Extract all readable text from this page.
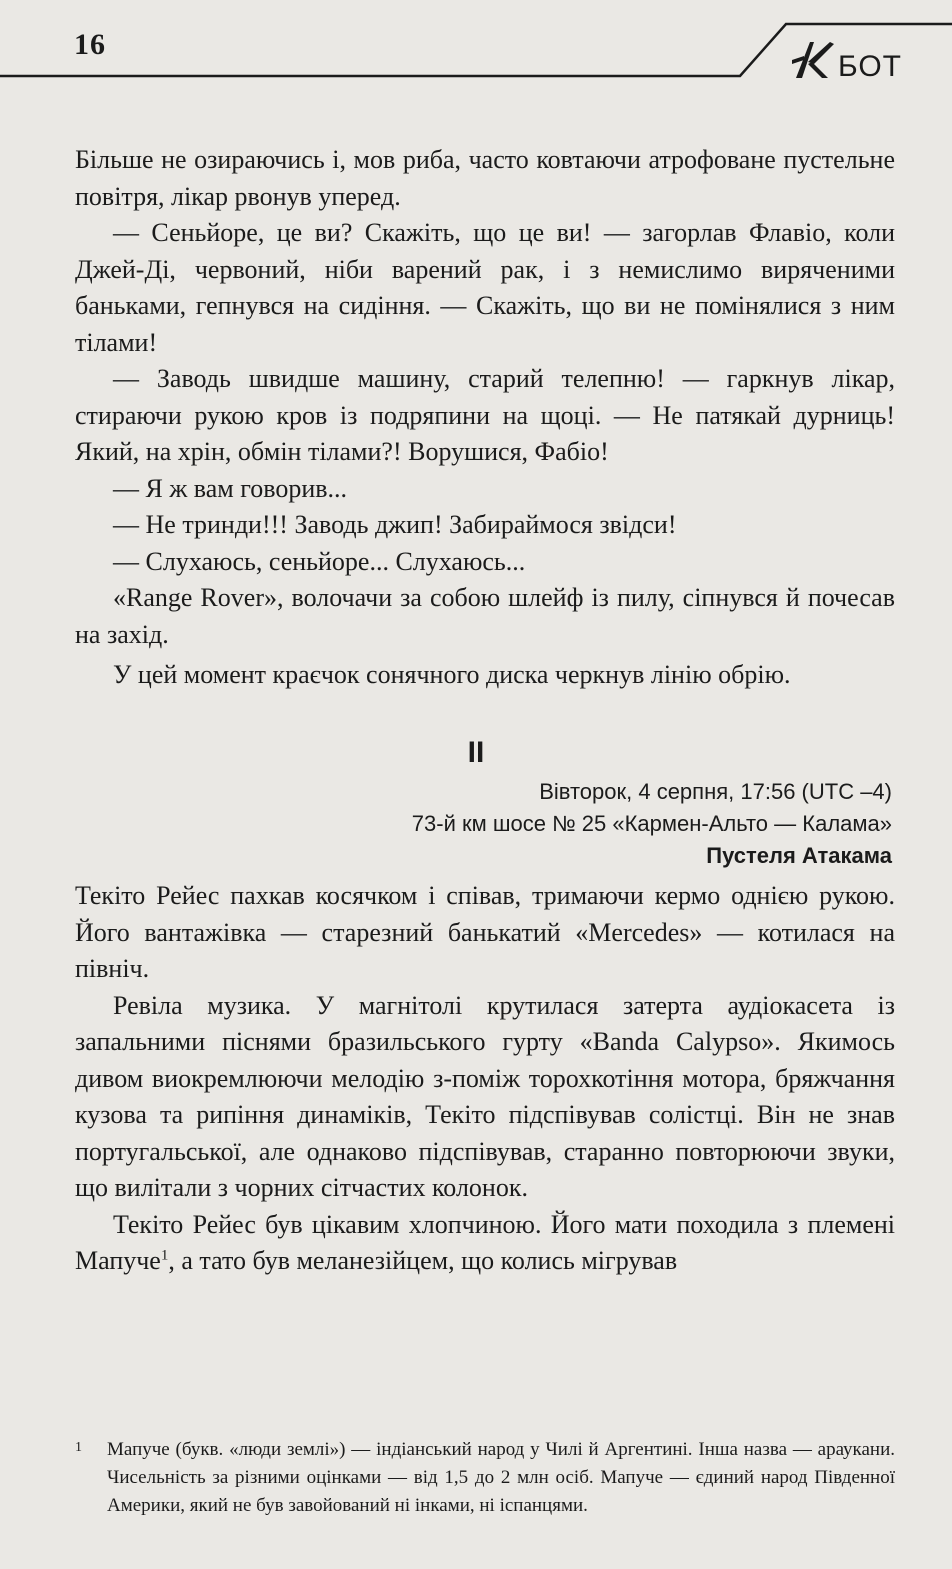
16
БОТ

Більше не озираючись і, мов риба, часто ковтаючи атрофоване пустельне повітря, лікар рвонув уперед.

— Сеньйоре, це ви? Скажіть, що це ви! — загорлав Флавіо, коли Джей-Ді, червоний, ніби варений рак, і з немислимо виряченими баньками, гепнувся на сидіння. — Скажіть, що ви не помінялися з ним тілами!

— Заводь швидше машину, старий телепню! — гаркнув лікар, стираючи рукою кров із подряпини на щоці. — Не патякай дурниць! Який, на хрін, обмін тілами?! Ворушися, Фабіо!

— Я ж вам говорив...

— Не тринди!!! Заводь джип! Забираймося звідси!

— Слухаюсь, сеньйоре... Слухаюсь...

«Range Rover», волочачи за собою шлейф із пилу, сіпнувся й почесав на захід.

У цей момент краєчок сонячного диска черкнув лінію обрію.

II
Вівторок, 4 серпня, 17:56 (UTC –4)
73-й км шосе № 25 «Кармен-Альто — Калама»
Пустеля Атакама

Текіто Рейес пахкав косячком і співав, тримаючи кермо однією рукою. Його вантажівка — старезний банькатий «Mercedes» — котилася на північ.

Ревіла музика. У магнітолі крутилася затерта аудіокасета із запальними піснями бразильського гурту «Banda Calypso». Якимось дивом виокремлюючи мелодію з-поміж торохкотіння мотора, бряжчання кузова та рипіння динаміків, Текіто підспівував солістці. Він не знав португальської, але однаково підспівував, старанно повторюючи звуки, що вилітали з чорних сітчастих колонок.

Текіто Рейес був цікавим хлопчиною. Його мати походила з племені Мапуче$^1$, а тато був меланезійцем, що колись мігрував

1 Мапуче (букв. «люди землі») — індіанський народ у Чилі й Аргентині. Інша назва — араукани. Чисельність за різними оцінками — від 1,5 до 2 млн осіб. Мапуче — єдиний народ Південної Америки, який не був завойований ні інками, ні іспанцями.
